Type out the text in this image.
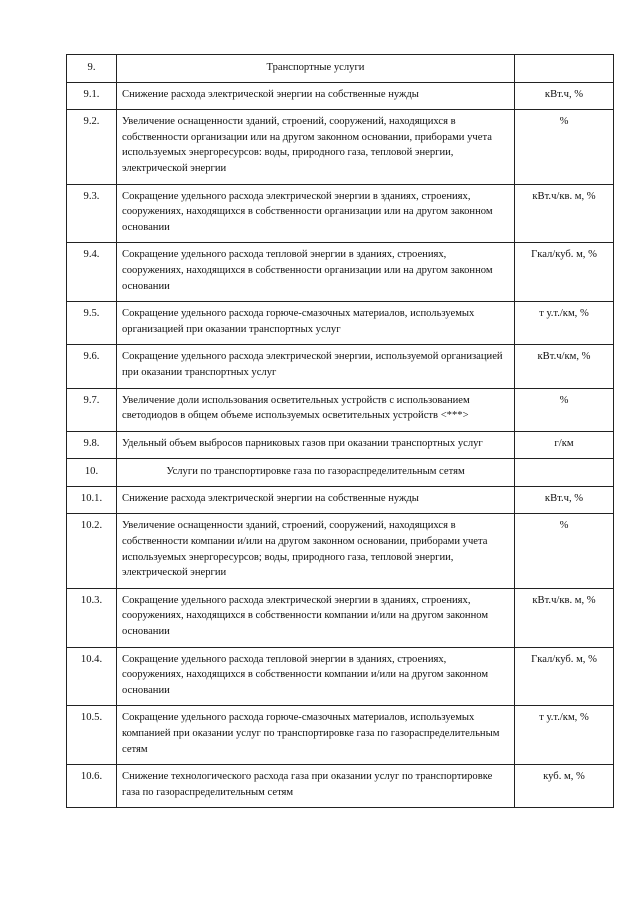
9.	Транспортные услуги	
9.1.	Снижение расхода электрической энергии на собственные нужды	кВт.ч, %
9.2.	Увеличение оснащенности зданий, строений, сооружений, находящихся в собственности организации или на другом законном основании, приборами учета используемых энергоресурсов: воды, природного газа, тепловой энергии, электрической энергии	%
9.3.	Сокращение удельного расхода электрической энергии в зданиях, строениях, сооружениях, находящихся в собственности организации или на другом законном основании	кВт.ч/кв. м, %
9.4.	Сокращение удельного расхода тепловой энергии в зданиях, строениях, сооружениях, находящихся в собственности организации или на другом законном основании	Гкал/куб. м, %
9.5.	Сокращение удельного расхода горюче-смазочных материалов, используемых организацией при оказании транспортных услуг	т у.т./км, %
9.6.	Сокращение удельного расхода электрической энергии, используемой организацией при оказании транспортных услуг	кВт.ч/км, %
9.7.	Увеличение доли использования осветительных устройств с использованием светодиодов в общем объеме используемых осветительных устройств <***>	%
9.8.	Удельный объем выбросов парниковых газов при оказании транспортных услуг	г/км
10.	Услуги по транспортировке газа по газораспределительным сетям	
10.1.	Снижение расхода электрической энергии на собственные нужды	кВт.ч, %
10.2.	Увеличение оснащенности зданий, строений, сооружений, находящихся в собственности компании и/или на другом законном основании, приборами учета используемых энергоресурсов; воды, природного газа, тепловой энергии, электрической энергии	%
10.3.	Сокращение удельного расхода электрической энергии в зданиях, строениях, сооружениях, находящихся в собственности компании и/или на другом законном основании	кВт.ч/кв. м, %
10.4.	Сокращение удельного расхода тепловой энергии в зданиях, строениях, сооружениях, находящихся в собственности компании и/или на другом законном основании	Гкал/куб. м, %
10.5.	Сокращение удельного расхода горюче-смазочных материалов, используемых компанией при оказании услуг по транспортировке газа по газораспределительным сетям	т у.т./км, %
10.6.	Снижение технологического расхода газа при оказании услуг по транспортировке газа по газораспределительным сетям	куб. м, %
